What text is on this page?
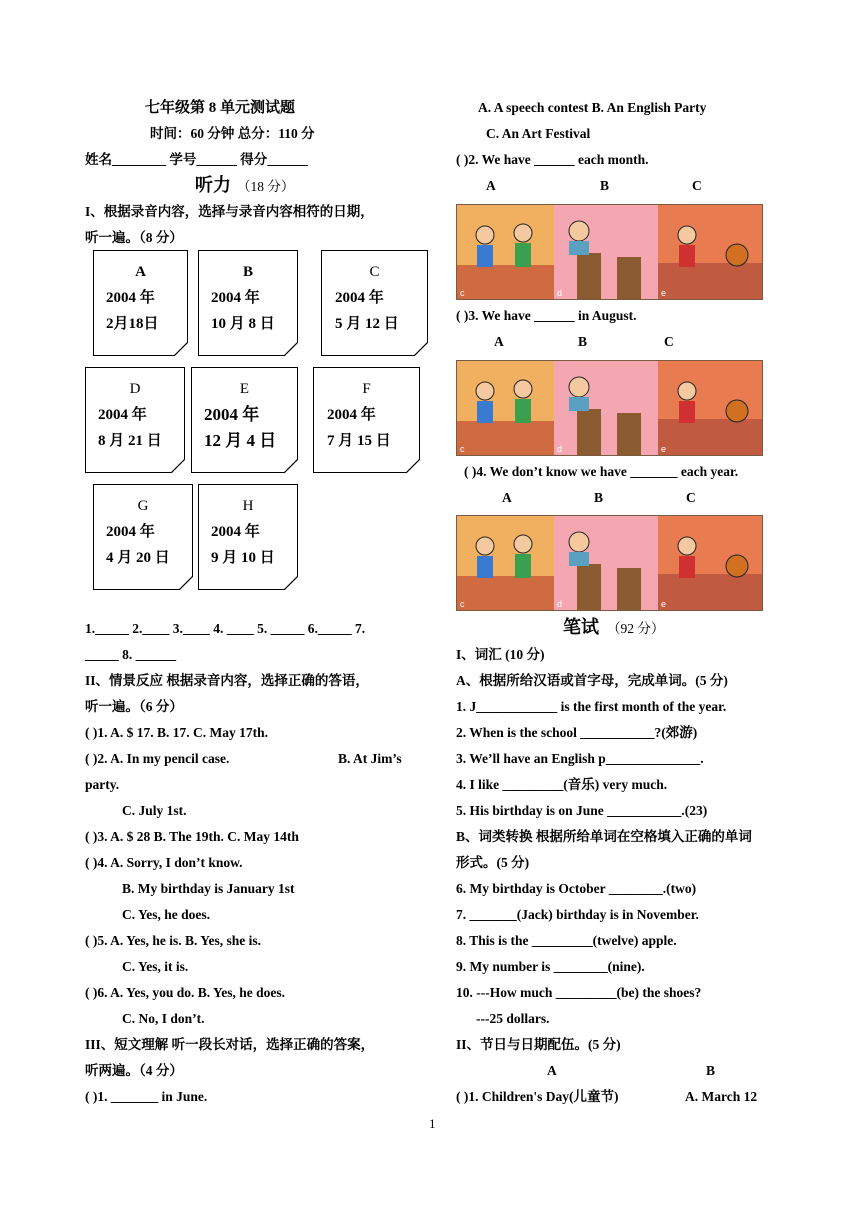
七年级第 8 单元测试题
时间：60 分钟 总分：110 分
姓名________ 学号______ 得分______
听力 （18 分）
I、根据录音内容，选择与录音内容相符的日期，
听一遍。（8 分）
A
2004 年
2月18日
B
2004 年
10 月 8 日
C
2004 年
5 月 12 日
D
2004 年
8 月 21 日
E
2004 年
12 月 4 日
F
2004 年
7 月 15 日
G
2004 年
4 月 20 日
H
2004 年
9 月 10 日
1._____ 2.____ 3.____ 4. ____ 5. _____ 6._____ 7.
_____ 8. ______
II、情景反应 根据录音内容，选择正确的答语，
听一遍。（6 分）
( )1. A. $ 17. B. 17. C. May 17th.
( )2. A. In my pencil case.	B. At Jim’s
party.
C. July 1st.
( )3. A. $ 28 B. The 19th. C. May 14th
( )4. A. Sorry, I don’t know.
B. My birthday is January 1st
C. Yes, he does.
( )5. A. Yes, he is. B. Yes, she is.
C. Yes, it is.
( )6. A. Yes, you do. B. Yes, he does.
C. No, I don’t.
III、短文理解 听一段长对话，选择正确的答案，
听两遍。（4 分）
( )1. _______ in June.
A. A speech contest B. An English Party
C. An Art Festival
( )2. We have ______ each month.
A	B	C
c	d	e
( )3. We have ______ in August.
A	B	C
c	d	e
( )4. We don’t know we have _______ each year.
A	B	C
c	d	e
笔试 （92 分）
I、词汇 (10 分)
A、根据所给汉语或首字母，完成单词。(5 分)
1. J____________ is the first month of the year.
2. When is the school ___________?(郊游)
3. We’ll have an English p______________.
4. I like _________(音乐) very much.
5. His birthday is on June ___________.(23)
B、词类转换 根据所给单词在空格填入正确的单词
形式。(5 分)
6. My birthday is October ________.(two)
7. _______(Jack) birthday is in November.
8. This is the _________(twelve) apple.
9. My number is ________(nine).
10. ---How much _________(be) the shoes?
---25 dollars.
II、节日与日期配伍。(5 分)
A	B
( )1. Children's Day(儿童节)	A. March 12
1
